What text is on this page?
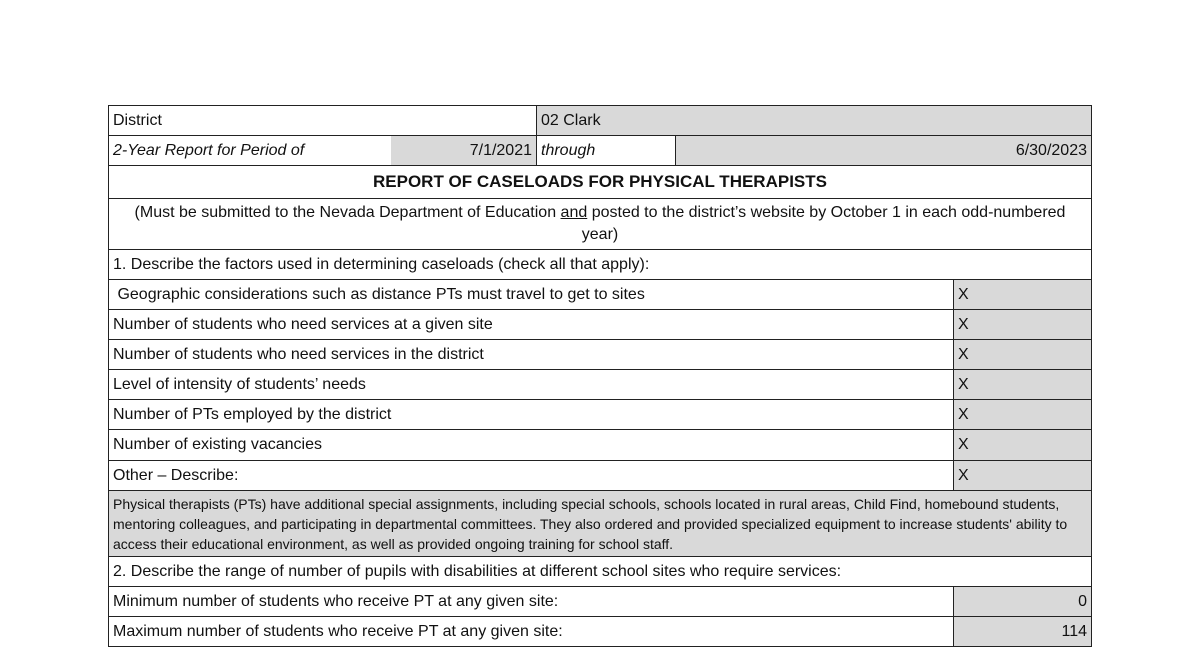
District	02 Clark
2-Year Report for Period of	7/1/2021 through	6/30/2023
REPORT OF CASELOADS FOR PHYSICAL THERAPISTS
(Must be submitted to the Nevada Department of Education and posted to the district’s website by October 1 in each odd-numbered year)
1. Describe the factors used in determining caseloads (check all that apply):
Geographic considerations such as distance PTs must travel to get to sites	X
Number of students who need services at a given site	X
Number of students who need services in the district	X
Level of intensity of students’ needs	X
Number of PTs employed by the district	X
Number of existing vacancies	X
Other – Describe:	X
Physical therapists (PTs) have additional special assignments, including special schools, schools located in rural areas, Child Find, homebound students, mentoring colleagues, and participating in departmental committees. They also ordered and provided specialized equipment to increase students' ability to access their educational environment, as well as provided ongoing training for school staff.
2. Describe the range of number of pupils with disabilities at different school sites who require services:
Minimum number of students who receive PT at any given site:	0
Maximum number of students who receive PT at any given site:	114
